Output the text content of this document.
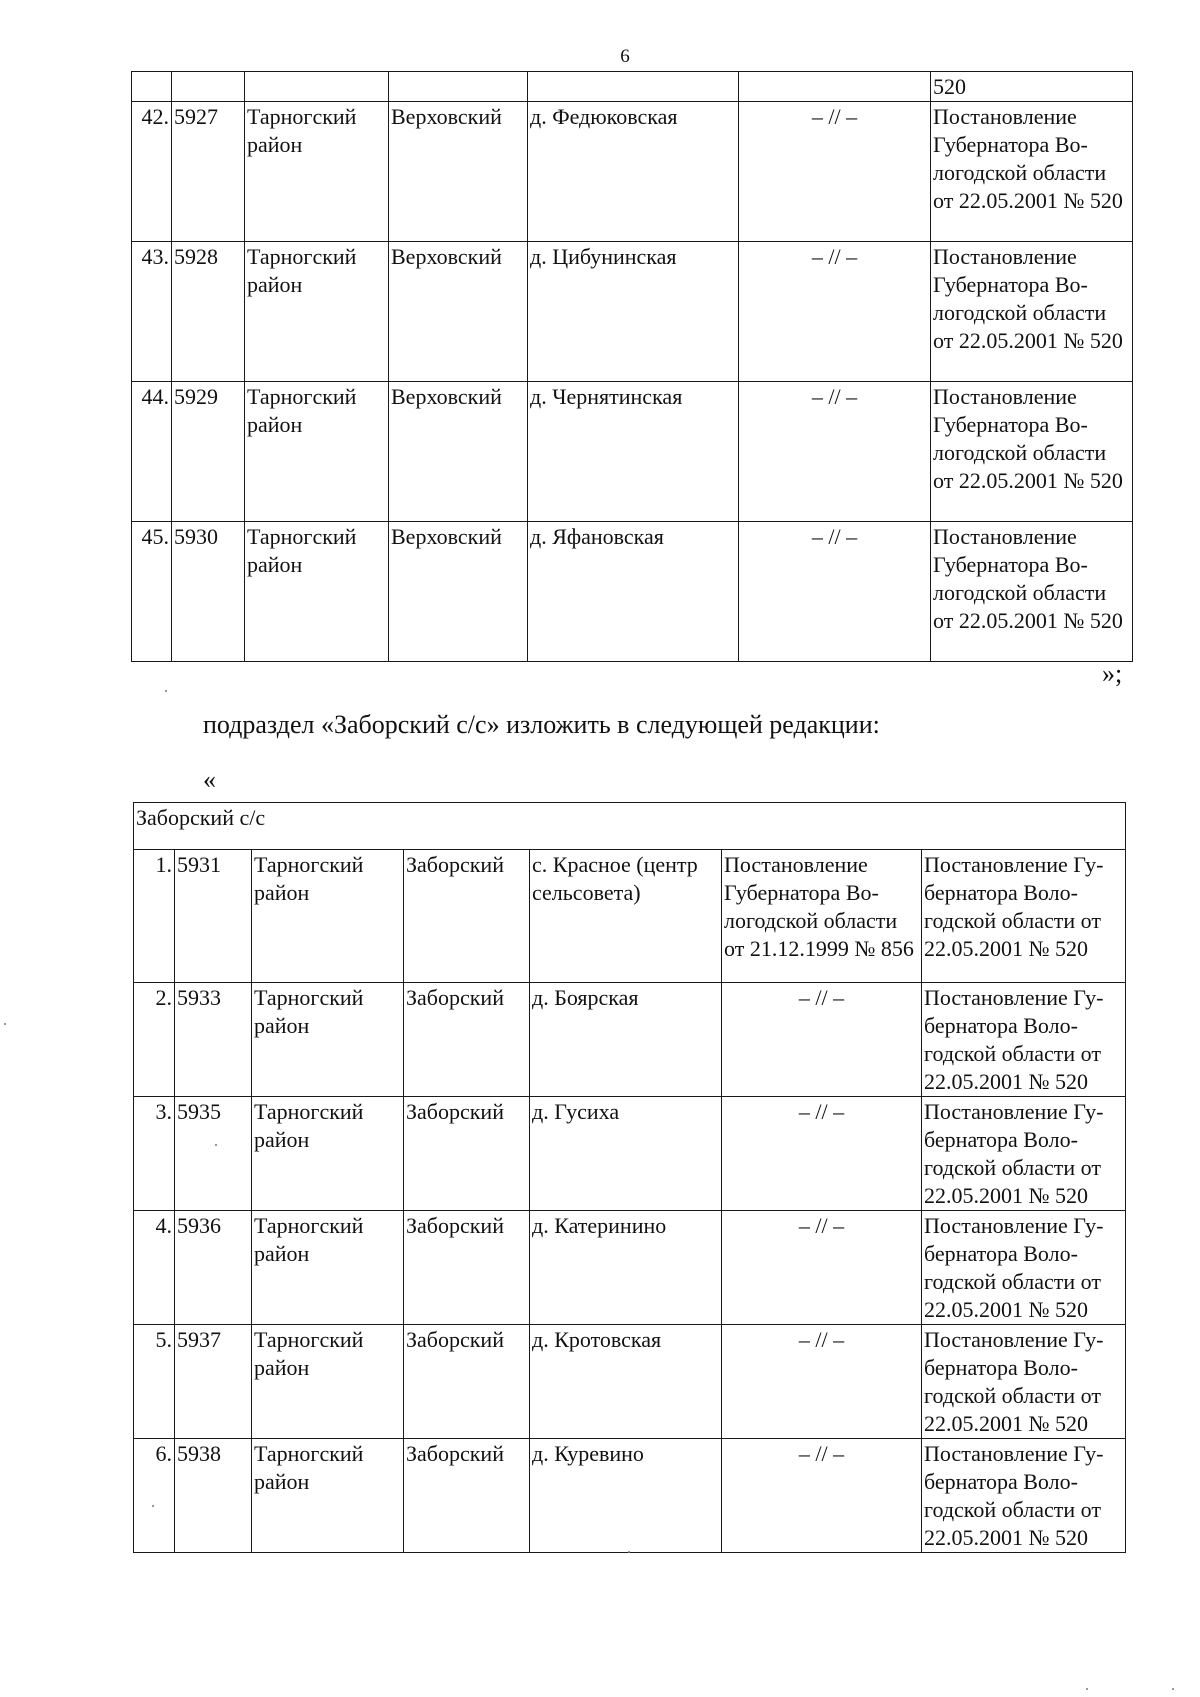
6
						520
42.	5927	Тарногский район	Верховский	д. Федюковская	– // –	Постановление Губернатора Во-логодской области от 22.05.2001 № 520
43.	5928	Тарногский район	Верховский	д. Цибунинская	– // –	Постановление Губернатора Во-логодской области от 22.05.2001 № 520
44.	5929	Тарногский район	Верховский	д. Чернятинская	– // –	Постановление Губернатора Во-логодской области от 22.05.2001 № 520
45.	5930	Тарногский район	Верховский	д. Яфановская	– // –	Постановление Губернатора Во-логодской области от 22.05.2001 № 520
»;
подраздел «Заборский с/с» изложить в следующей редакции:
«
Заборский с/с						
1.	5931	Тарногский район	Заборский	с. Красное (центр сельсовета)	Постановление Губернатора Во-логодской области от 21.12.1999 № 856	Постановление Гу-бернатора Воло-годской области от 22.05.2001 № 520
2.	5933	Тарногский район	Заборский	д. Боярская	– // –	Постановление Гу-бернатора Воло-годской области от 22.05.2001 № 520
3.	5935	Тарногский район	Заборский	д. Гусиха	– // –	Постановление Гу-бернатора Воло-годской области от 22.05.2001 № 520
4.	5936	Тарногский район	Заборский	д. Катеринино	– // –	Постановление Гу-бернатора Воло-годской области от 22.05.2001 № 520
5.	5937	Тарногский район	Заборский	д. Кротовская	– // –	Постановление Гу-бернатора Воло-годской области от 22.05.2001 № 520
6.	5938	Тарногский район	Заборский	д. Куревино	– // –	Постановление Гу-бернатора Воло-годской области от 22.05.2001 № 520
